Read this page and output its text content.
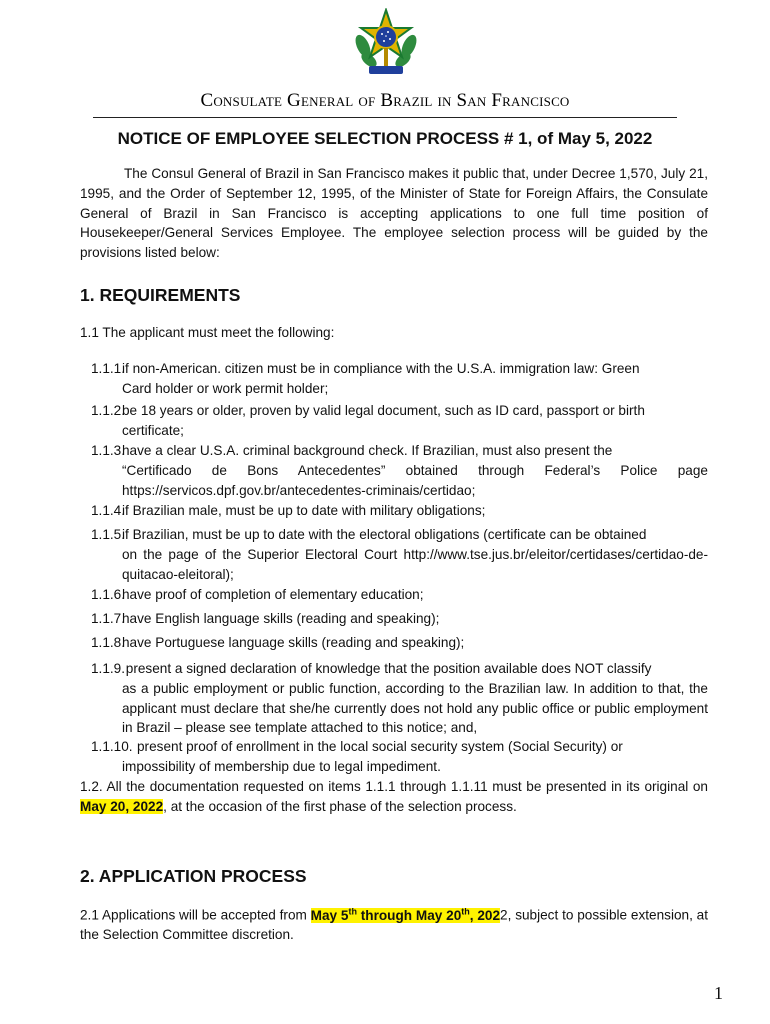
Consulate General of Brazil in San Francisco
NOTICE OF EMPLOYEE SELECTION PROCESS # 1, of May 5, 2022
The Consul General of Brazil in San Francisco makes it public that, under Decree 1,570, July 21, 1995, and the Order of September 12, 1995, of the Minister of State for Foreign Affairs, the Consulate General of Brazil in San Francisco is accepting applications to one full time position of Housekeeper/General Services Employee. The employee selection process will be guided by the provisions listed below:
1. REQUIREMENTS
1.1 The applicant must meet the following:
1.1.1.if non-American. citizen must be in compliance with the U.S.A. immigration law: Green
Card holder or work permit holder;
1.1.2.be 18 years or older, proven by valid legal document, such as ID card, passport or birth
certificate;
1.1.3.have a clear U.S.A. criminal background check. If Brazilian, must also present the
“Certificado de Bons Antecedentes” obtained through Federal’s Police page https://servicos.dpf.gov.br/antecedentes-criminais/certidao;
1.1.4.if Brazilian male, must be up to date with military obligations;
1.1.5.if Brazilian, must be up to date with the electoral obligations (certificate can be obtained
on the page of the Superior Electoral Court http://www.tse.jus.br/eleitor/certidases/certidao-de-quitacao-eleitoral);
1.1.6.have proof of completion of elementary education;
1.1.7.have English language skills (reading and speaking);
1.1.8.have Portuguese language skills (reading and speaking);
1.1.9. present a signed declaration of knowledge that the position available does NOT classify
as a public employment or public function, according to the Brazilian law. In addition to that, the applicant must declare that she/he currently does not hold any public office or public employment in Brazil – please see template attached to this notice; and,
1.1.10. present proof of enrollment in the local social security system (Social Security) or
impossibility of membership due to legal impediment.
1.2. All the documentation requested on items 1.1.1 through 1.1.11 must be presented in its original on May 20, 2022, at the occasion of the first phase of the selection process.
2. APPLICATION PROCESS
2.1 Applications will be accepted from May 5th through May 20th, 2022, subject to possible extension, at the Selection Committee discretion.
1
